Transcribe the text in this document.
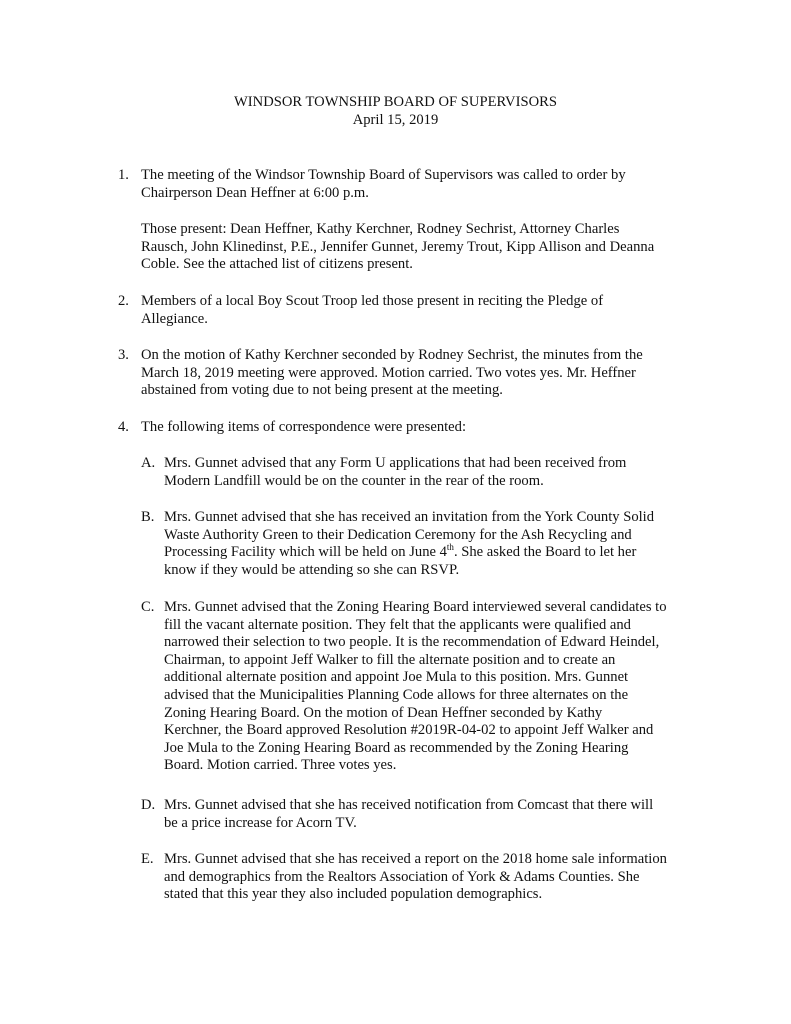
WINDSOR TOWNSHIP BOARD OF SUPERVISORS
April 15, 2019
1. The meeting of the Windsor Township Board of Supervisors was called to order by

Chairperson Dean Heffner at 6:00 p.m.

Those present: Dean Heffner, Kathy Kerchner, Rodney Sechrist, Attorney Charles

Rausch, John Klinedinst, P.E., Jennifer Gunnet, Jeremy Trout, Kipp Allison and Deanna

Coble. See the attached list of citizens present.

2. Members of a local Boy Scout Troop led those present in reciting the Pledge of

Allegiance.

3. On the motion of Kathy Kerchner seconded by Rodney Sechrist, the minutes from the

March 18, 2019 meeting were approved. Motion carried. Two votes yes. Mr. Heffner

abstained from voting due to not being present at the meeting.

4. The following items of correspondence were presented:

A. Mrs. Gunnet advised that any Form U applications that had been received from

Modern Landfill would be on the counter in the rear of the room.

B. Mrs. Gunnet advised that she has received an invitation from the York County Solid

Waste Authority Green to their Dedication Ceremony for the Ash Recycling and

Processing Facility which will be held on June 4th. She asked the Board to let her

know if they would be attending so she can RSVP.

C. Mrs. Gunnet advised that the Zoning Hearing Board interviewed several candidates to

fill the vacant alternate position. They felt that the applicants were qualified and

narrowed their selection to two people. It is the recommendation of Edward Heindel,

Chairman, to appoint Jeff Walker to fill the alternate position and to create an

additional alternate position and appoint Joe Mula to this position. Mrs. Gunnet

advised that the Municipalities Planning Code allows for three alternates on the

Zoning Hearing Board. On the motion of Dean Heffner seconded by Kathy

Kerchner, the Board approved Resolution #2019R-04-02 to appoint Jeff Walker and

Joe Mula to the Zoning Hearing Board as recommended by the Zoning Hearing

Board. Motion carried. Three votes yes.

D. Mrs. Gunnet advised that she has received notification from Comcast that there will

be a price increase for Acorn TV.

E. Mrs. Gunnet advised that she has received a report on the 2018 home sale information

and demographics from the Realtors Association of York & Adams Counties. She

stated that this year they also included population demographics.
